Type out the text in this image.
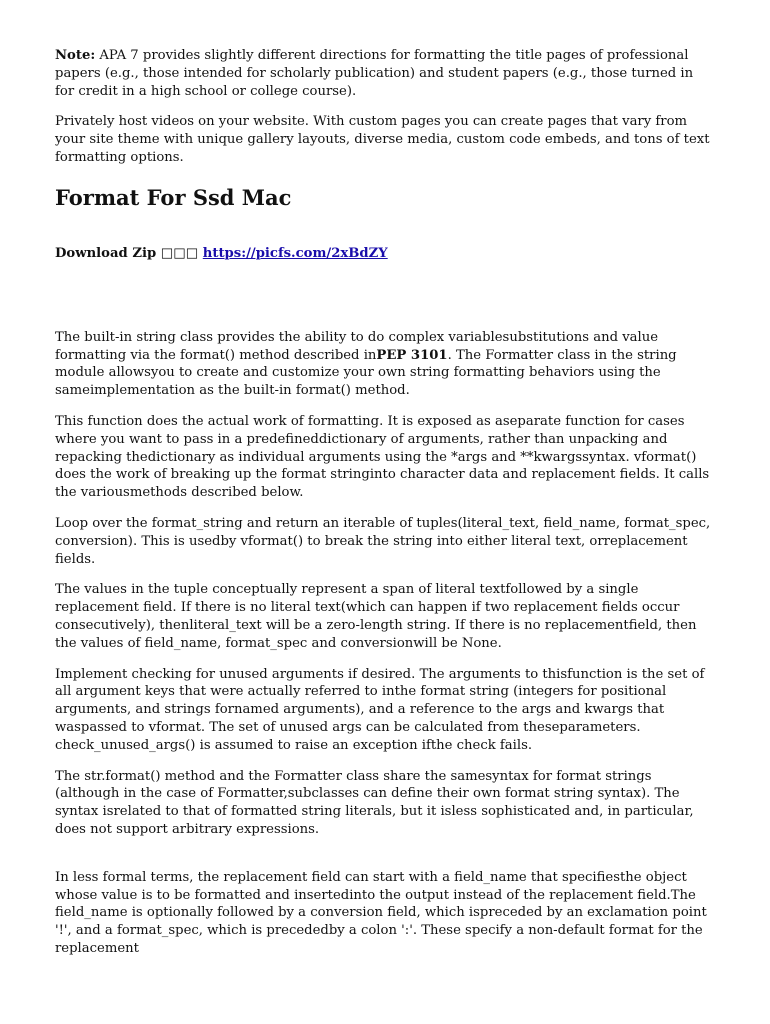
Note: APA 7 provides slightly different directions for formatting the title pages of professional papers (e.g., those intended for scholarly publication) and student papers (e.g., those turned in for credit in a high school or college course).

Privately host videos on your website. With custom pages you can create pages that vary from your site theme with unique gallery layouts, diverse media, custom code embeds, and tons of text formatting options.

Format For Ssd Mac
Download Zip □□□ https://picfs.com/2xBdZY

The built-in string class provides the ability to do complex variablesubstitutions and value formatting via the format() method described inPEP 3101. The Formatter class in the string module allowsyou to create and customize your own string formatting behaviors using the sameimplementation as the built-in format() method.

This function does the actual work of formatting. It is exposed as aseparate function for cases where you want to pass in a predefineddictionary of arguments, rather than unpacking and repacking thedictionary as individual arguments using the *args and **kwargssyntax. vformat() does the work of breaking up the format stringinto character data and replacement fields. It calls the variousmethods described below.

Loop over the format_string and return an iterable of tuples(literal_text, field_name, format_spec, conversion). This is usedby vformat() to break the string into either literal text, orreplacement fields.

The values in the tuple conceptually represent a span of literal textfollowed by a single replacement field. If there is no literal text(which can happen if two replacement fields occur consecutively), thenliteral_text will be a zero-length string. If there is no replacementfield, then the values of field_name, format_spec and conversionwill be None.

Implement checking for unused arguments if desired. The arguments to thisfunction is the set of all argument keys that were actually referred to inthe format string (integers for positional arguments, and strings fornamed arguments), and a reference to the args and kwargs that waspassed to vformat. The set of unused args can be calculated from theseparameters. check_unused_args() is assumed to raise an exception ifthe check fails.

The str.format() method and the Formatter class share the samesyntax for format strings (although in the case of Formatter,subclasses can define their own format string syntax). The syntax isrelated to that of formatted string literals, but it isless sophisticated and, in particular, does not support arbitrary expressions.

In less formal terms, the replacement field can start with a field_name that specifiesthe object whose value is to be formatted and insertedinto the output instead of the replacement field.The field_name is optionally followed by a conversion field, which ispreceded by an exclamation point '!', and a format_spec, which is precededby a colon ':'. These specify a non-default format for the replacement
